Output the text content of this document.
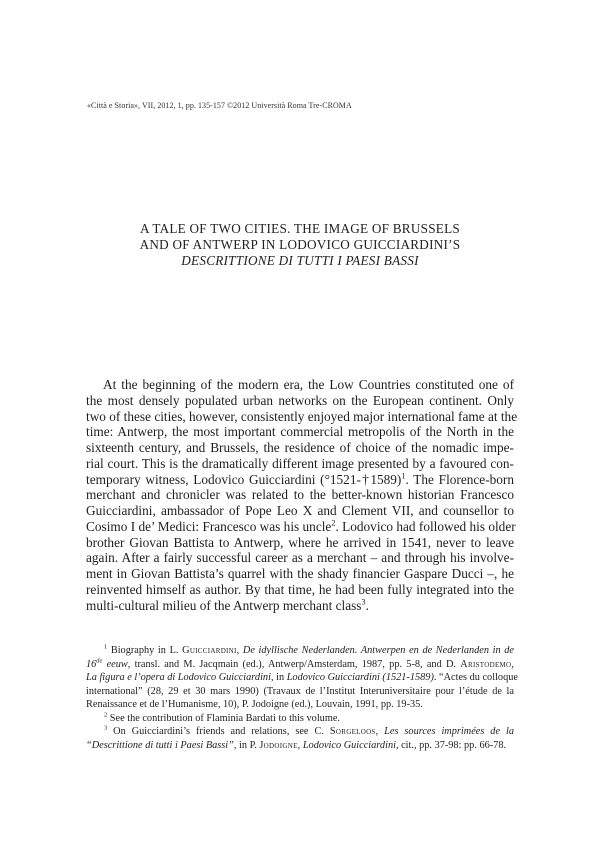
«Città e Storia», VII, 2012, 1, pp. 135-157 ©2012 Università Roma Tre-CROMA
A TALE OF TWO CITIES. THE IMAGE OF BRUSSELS
AND OF ANTWERP IN LODOVICO GUICCIARDINI’S
DESCRITTIONE DI TUTTI I PAESI BASSI
At the beginning of the modern era, the Low Countries constituted one of
the most densely populated urban networks on the European continent. Only
two of these cities, however, consistently enjoyed major international fame at the
time: Antwerp, the most important commercial metropolis of the North in the
sixteenth century, and Brussels, the residence of choice of the nomadic impe-
rial court. This is the dramatically different image presented by a favoured con-
temporary witness, Lodovico Guicciardini (°1521-†1589)$^1$. The Florence-born
merchant and chronicler was related to the better-known historian Francesco
Guicciardini, ambassador of Pope Leo X and Clement VII, and counsellor to
Cosimo I de’ Medici: Francesco was his uncle$^2$. Lodovico had followed his older
brother Giovan Battista to Antwerp, where he arrived in 1541, never to leave
again. After a fairly successful career as a merchant – and through his involve-
ment in Giovan Battista’s quarrel with the shady financier Gaspare Ducci –, he
reinvented himself as author. By that time, he had been fully integrated into the
multi-cultural milieu of the Antwerp merchant class$^3$.
$^1$ Biography in L. Guicciardini, De idyllische Nederlanden. Antwerpen en de Nederlanden in de
16de eeuw, transl. and M. Jacqmain (ed.), Antwerp/Amsterdam, 1987, pp. 5-8, and D. Aristodemo,
La figura e l’opera di Lodovico Guicciardini, in Lodovico Guicciardini (1521-1589). “Actes du colloque
international” (28, 29 et 30 mars 1990) (Travaux de l’Institut Interuniversitaire pour l’étude de la
Renaissance et de l’Humanisme, 10), P. Jodoigne (ed.), Louvain, 1991, pp. 19-35.
$^2$ See the contribution of Flaminia Bardati to this volume.
$^3$ On Guicciardini’s friends and relations, see C. Sorgeloos, Les sources imprimées de la
“Descrittione di tutti i Paesi Bassi”, in P. Jodoigne, Lodovico Guicciardini, cit., pp. 37-98: pp. 66-78.
